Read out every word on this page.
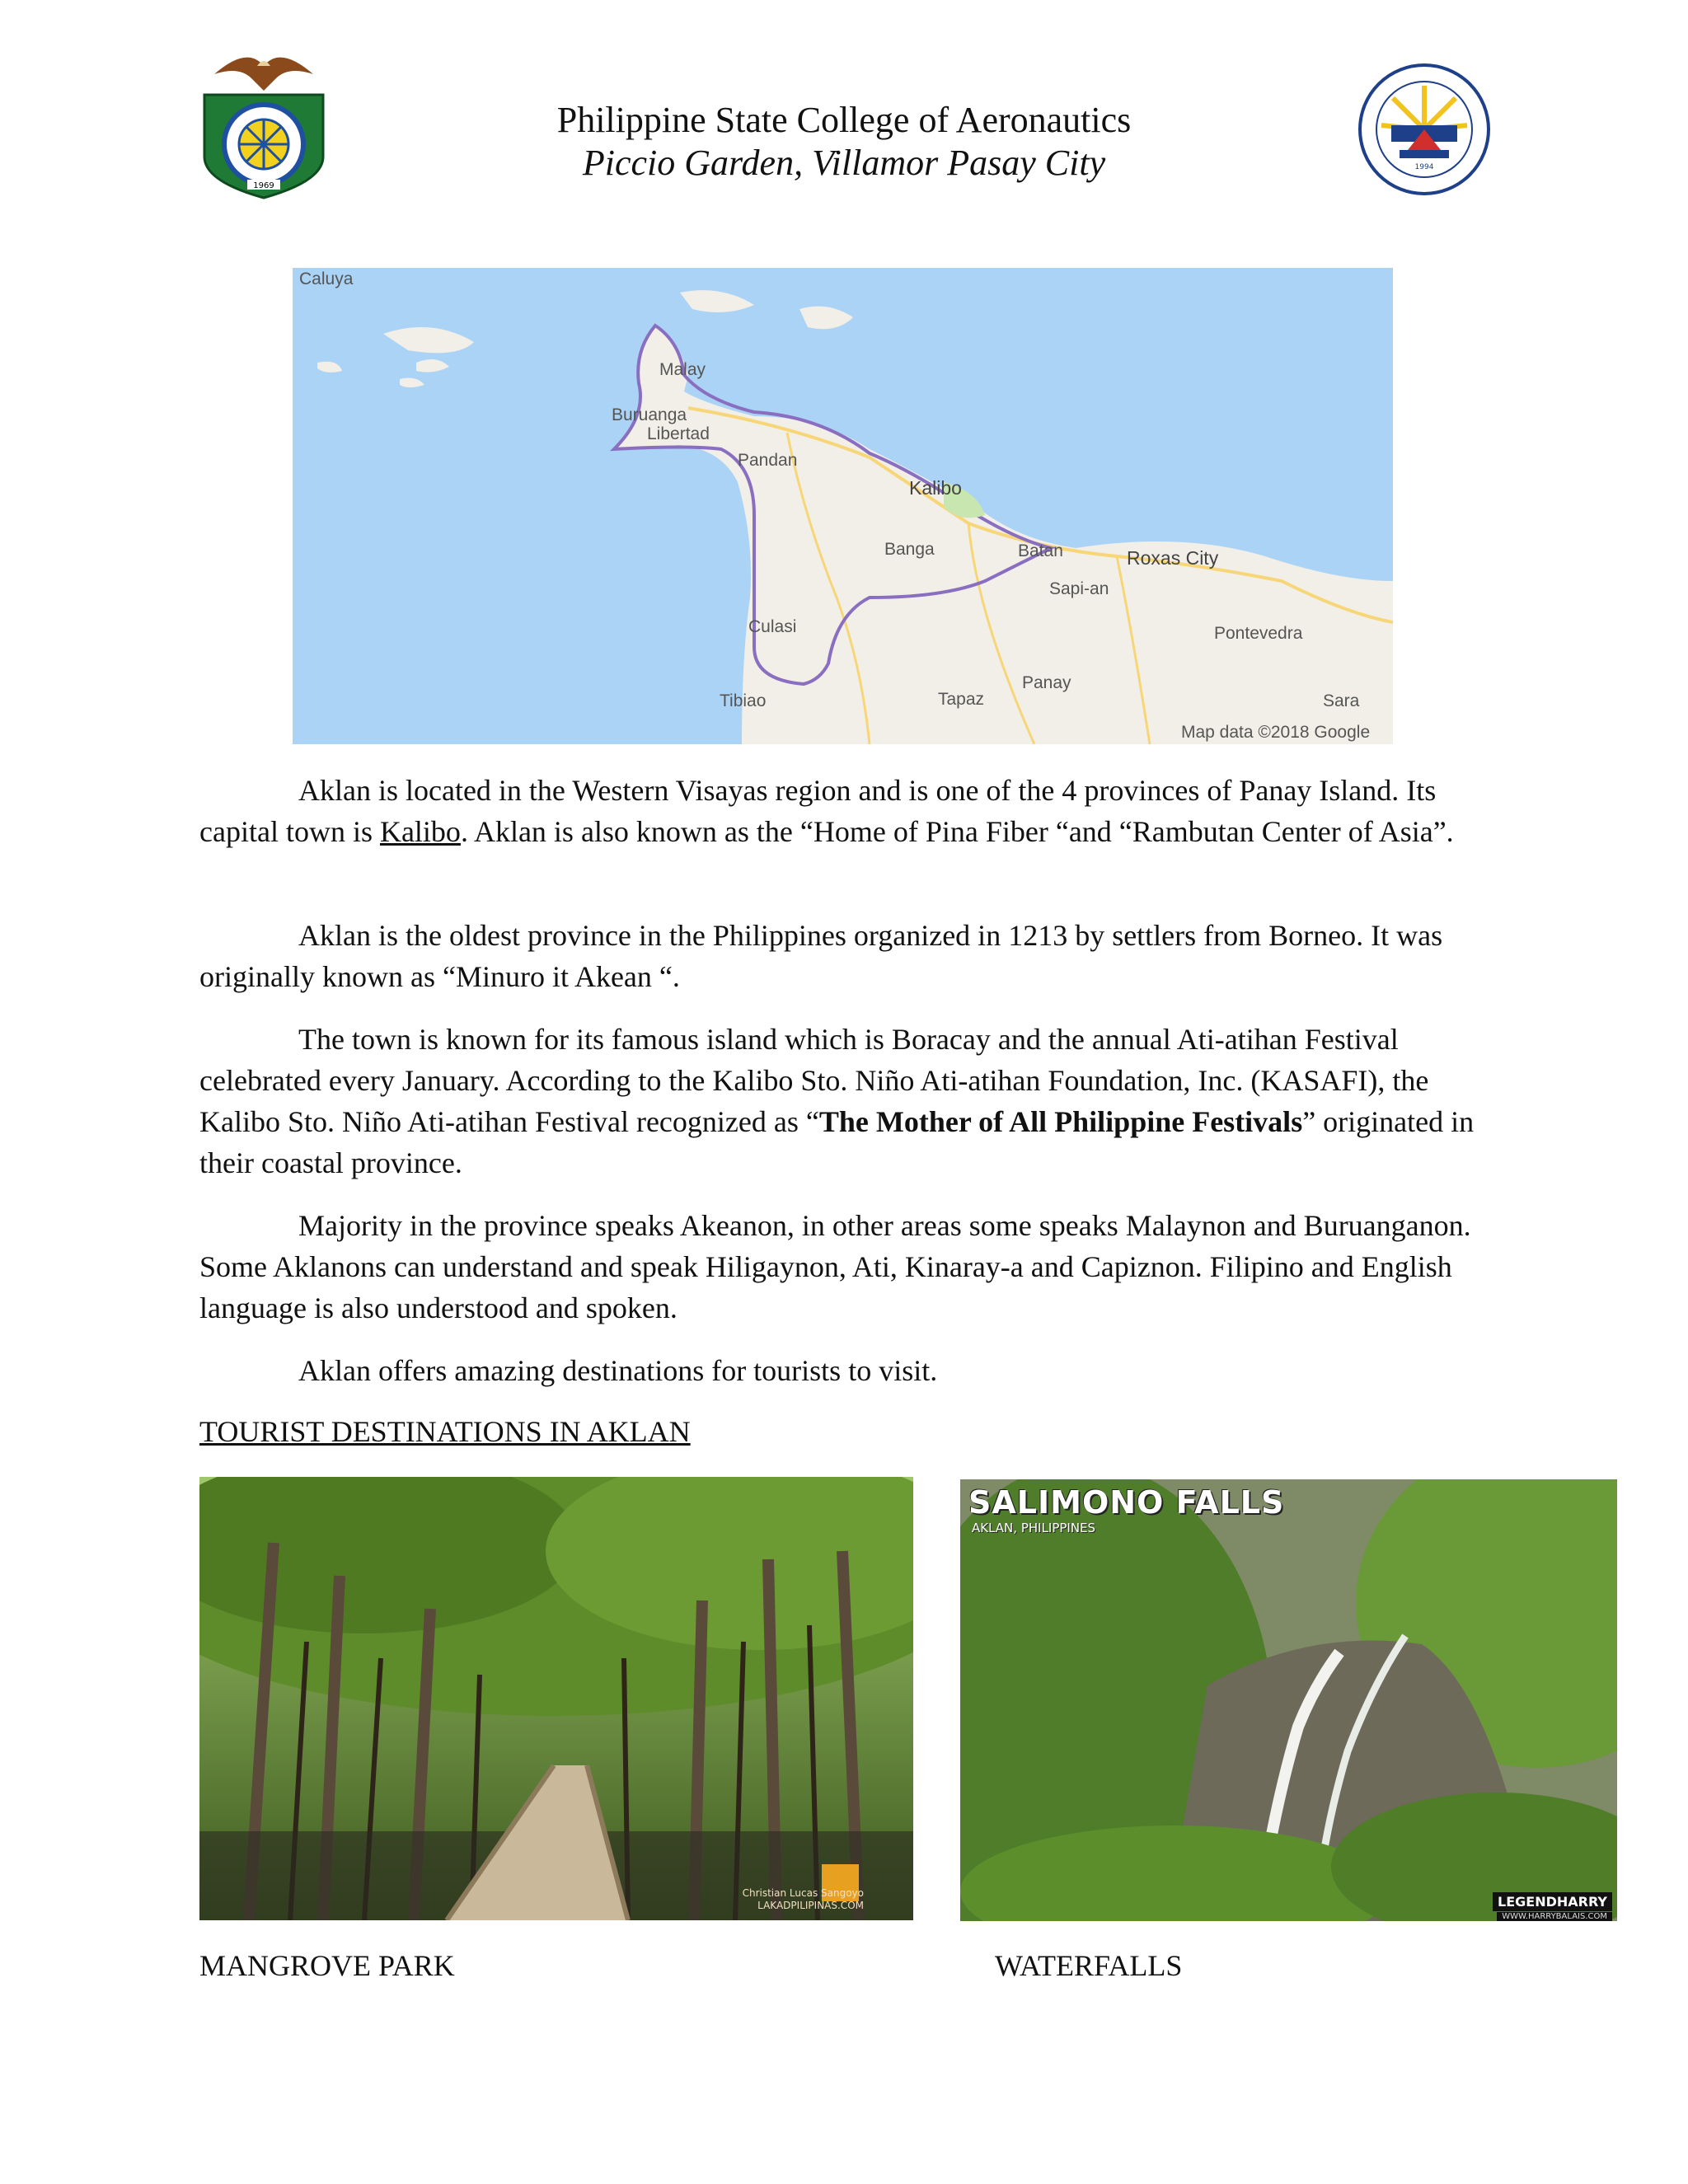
1969
1994
Philippine State College of Aeronautics
Piccio Garden, Villamor Pasay City
Caluya
Malay
Buruanga
Libertad
Pandan
Kalibo
Banga	Batan	Roxas City
Sapi-an
Pontevedra
Culasi
Tibiao	Tapaz
Panay
Sara
Map data ©2018 Google

Aklan is located in the Western Visayas region and is one of the 4 provinces of Panay Island. Its capital town is Kalibo. Aklan is also known as the “Home of Pina Fiber “and “Rambutan Center of Asia”.

Aklan is the oldest province in the Philippines organized in 1213 by settlers from Borneo. It was originally known as “Minuro it Akean “.

The town is known for its famous island which is Boracay and the annual Ati-atihan Festival celebrated every January. According to the Kalibo Sto. Niño Ati-atihan Foundation, Inc. (KASAFI), the Kalibo Sto. Niño Ati-atihan Festival recognized as “The Mother of All Philippine Festivals” originated in their coastal province.

Majority in the province speaks Akeanon, in other areas some speaks Malaynon and Buruanganon. Some Aklanons can understand and speak Hiligaynon, Ati, Kinaray-a and Capiznon. Filipino and English language is also understood and spoken.

Aklan offers amazing destinations for tourists to visit.

TOURIST DESTINATIONS IN AKLAN
Christian Lucas Sangoyo
LAKADPILIPINAS.COM
SALIMONO FALLS
AKLAN, PHILIPPINES
LEGENDHARRY
WWW.HARRYBALAIS.COM
MANGROVE PARK	WATERFALLS
